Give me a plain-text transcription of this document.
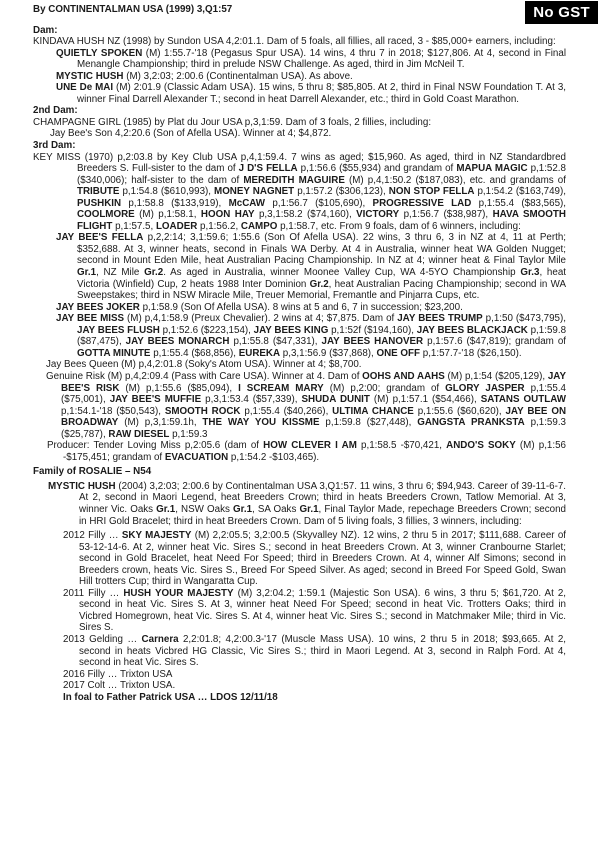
No GST

By CONTINENTALMAN USA (1999) 3,Q1:57

Dam:

KINDAVA HUSH NZ (1998) by Sundon USA 4,2:01.1. Dam of 5 foals, all fillies, all raced, 3 - $85,000+ earners, including:

QUIETLY SPOKEN (M) 1:55.7-'18 (Pegasus Spur USA). 14 wins, 4 thru 7 in 2018; $127,806. At 4, second in Final Menangle Championship; third in prelude NSW Challenge. As aged, third in Jim McNeil T.

MYSTIC HUSH (M) 3,2:03; 2:00.6 (Continentalman USA). As above.

UNE De MAI (M) 2:01.9 (Classic Adam USA). 15 wins, 5 thru 8; $85,805. At 2, third in Final NSW Foundation T. At 3, winner Final Darrell Alexander T.; second in heat Darrell Alexander, etc.; third in Gold Coast Marathon.

2nd Dam:

CHAMPAGNE GIRL (1985) by Plat du Jour USA p,3,1:59. Dam of 3 foals, 2 fillies, including:

Jay Bee's Son 4,2:20.6 (Son of Afella USA). Winner at 4; $4,872.

3rd Dam:

KEY MISS (1970) p,2:03.8 by Key Club USA p,4,1:59.4. 7 wins as aged; $15,960. As aged, third in NZ Standardbred Breeders S. Full-sister to the dam of J D'S FELLA p,1:56.6 ($55,934) and grandam of MAPUA MAGIC p,1:52.8 ($340,006); half-sister to the dam of MEREDITH MAGUIRE (M) p,4,1:50.2 ($187,083), etc. and grandams of TRIBUTE p,1:54.8 ($610,993), MONEY NAGNET p,1:57.2 ($306,123), NON STOP FELLA p,1:54.2 ($163,749), PUSHKIN p,1:58.8 ($133,919), McCAW p,1:56.7 ($105,690), PROGRESSIVE LAD p,1:55.4 ($83,565), COOLMORE (M) p,1:58.1, HOON HAY p,3,1:58.2 ($74,160), VICTORY p,1:56.7 ($38,987), HAVA SMOOTH FLIGHT p,1:57.5, LOADER p,1:56.2, CAMPO p,1:58.7, etc. From 9 foals, dam of 6 winners, including:

JAY BEE'S FELLA p,2,2:14; 3,1:59.6; 1:55.6 (Son Of Afella USA). 22 wins, 3 thru 6, 3 in NZ at 4, 11 at Perth; $352,688. At 3, winner heats, second in Finals WA Derby. At 4 in Australia, winner heat WA Golden Nugget; second in Mount Eden Mile, heat Australian Pacing Championship. In NZ at 4; winner heat & Final Taylor Mile Gr.1, NZ Mile Gr.2. As aged in Australia, winner Moonee Valley Cup, WA 4-5YO Championship Gr.3, heat Victoria (Winfield) Cup, 2 heats 1988 Inter Dominion Gr.2, heat Australian Pacing Championship; second in WA Sweepstakes; third in NSW Miracle Mile, Treuer Memorial, Fremantle and Pinjarra Cups, etc.

JAY BEES JOKER p,1:58.9 (Son Of Afella USA). 8 wins at 5 and 6, 7 in succession; $23,200.

JAY BEE MISS (M) p,4,1:58.9 (Preux Chevalier). 2 wins at 4; $7,875. Dam of JAY BEES TRUMP p,1:50 ($473,795), JAY BEES FLUSH p,1:52.6 ($223,154), JAY BEES KING p,1:52f ($194,160), JAY BEES BLACKJACK p,1:59.8 ($87,475), JAY BEES MONARCH p,1:55.8 ($47,331), JAY BEES HANOVER p,1:57.6 ($47,819); grandam of GOTTA MINUTE p,1:55.4 ($68,856), EUREKA p,3,1:56.9 ($37,868), ONE OFF p,1:57.7-'18 ($26,150).

Jay Bees Queen (M) p,4,2:01.8 (Soky's Atom USA). Winner at 4; $8,700.

Genuine Risk (M) p,4,2:09.4 (Pass with Care USA). Winner at 4. Dam of OOHS AND AAHS (M) p,1:54 ($205,129), JAY BEE'S RISK (M) p,1:55.6 ($85,094), I SCREAM MARY (M) p,2:00; grandam of GLORY JASPER p,1:55.4 ($75,001), JAY BEE'S MUFFIE p,3,1:53.4 ($57,339), SHUDA DUNIT (M) p,1:57.1 ($54,466), SATANS OUTLAW p,1:54.1-'18 ($50,543), SMOOTH ROCK p,1:55.4 ($40,266), ULTIMA CHANCE p,1:55.6 ($60,620), JAY BEE ON BROADWAY (M) p,3,1:59.1h, THE WAY YOU KISSME p,1:59.8 ($27,448), GANGSTA PRANKSTA p,1:59.3 ($25,787), RAW DIESEL p,1:59.3

Producer: Tender Loving Miss p,2:05.6 (dam of HOW CLEVER I AM p,1:58.5 -$70,421, ANDO'S SOKY (M) p,1:56 -$175,451; grandam of EVACUATION p,1:54.2 -$103,465).

Family of ROSALIE – N54

MYSTIC HUSH (2004) 3,2:03; 2:00.6 by Continentalman USA 3,Q1:57. 11 wins, 3 thru 6; $94,943. Career of 39-11-6-7. At 2, second in Maori Legend, heat Breeders Crown; third in heats Breeders Crown, Tatlow Memorial. At 3, winner Vic. Oaks Gr.1, NSW Oaks Gr.1, SA Oaks Gr.1, Final Taylor Made, repechage Breeders Crown; second in HRI Gold Bracelet; third in heat Breeders Crown. Dam of 5 living foals, 3 fillies, 3 winners, including:

2012 Filly … SKY MAJESTY (M) 2,2:05.5; 3,2:00.5 (Skyvalley NZ). 12 wins, 2 thru 5 in 2017; $111,688. Career of 53-12-14-6. At 2, winner heat Vic. Sires S.; second in heat Breeders Crown. At 3, winner Cranbourne Starlet; second in Gold Bracelet, heat Need For Speed; third in Breeders Crown. At 4, winner Alf Simons; second in Breeders crown, heats Vic. Sires S., Breed For Speed Silver. As aged; second in Breed For Speed Gold, Swan Hill trotters Cup; third in Wangaratta Cup.

2011 Filly … HUSH YOUR MAJESTY (M) 3,2:04.2; 1:59.1 (Majestic Son USA). 6 wins, 3 thru 5; $61,720. At 2, second in heat Vic. Sires S. At 3, winner heat Need For Speed; second in heat Vic. Trotters Oaks; third in Vicbred Homegrown, heat Vic. Sires S. At 4, winner heat Vic. Sires S.; second in Matchmaker Mile; third in Vic. Sires S.

2013 Gelding … Carnera 2,2:01.8; 4,2:00.3-'17 (Muscle Mass USA). 10 wins, 2 thru 5 in 2018; $93,665. At 2, second in heats Vicbred HG Classic, Vic Sires S.; third in Maori Legend. At 3, second in Ralph Ford. At 4, second in heat Vic. Sires S.

2016 Filly … Trixton USA

2017 Colt … Trixton USA.

In foal to Father Patrick USA … LDOS 12/11/18
